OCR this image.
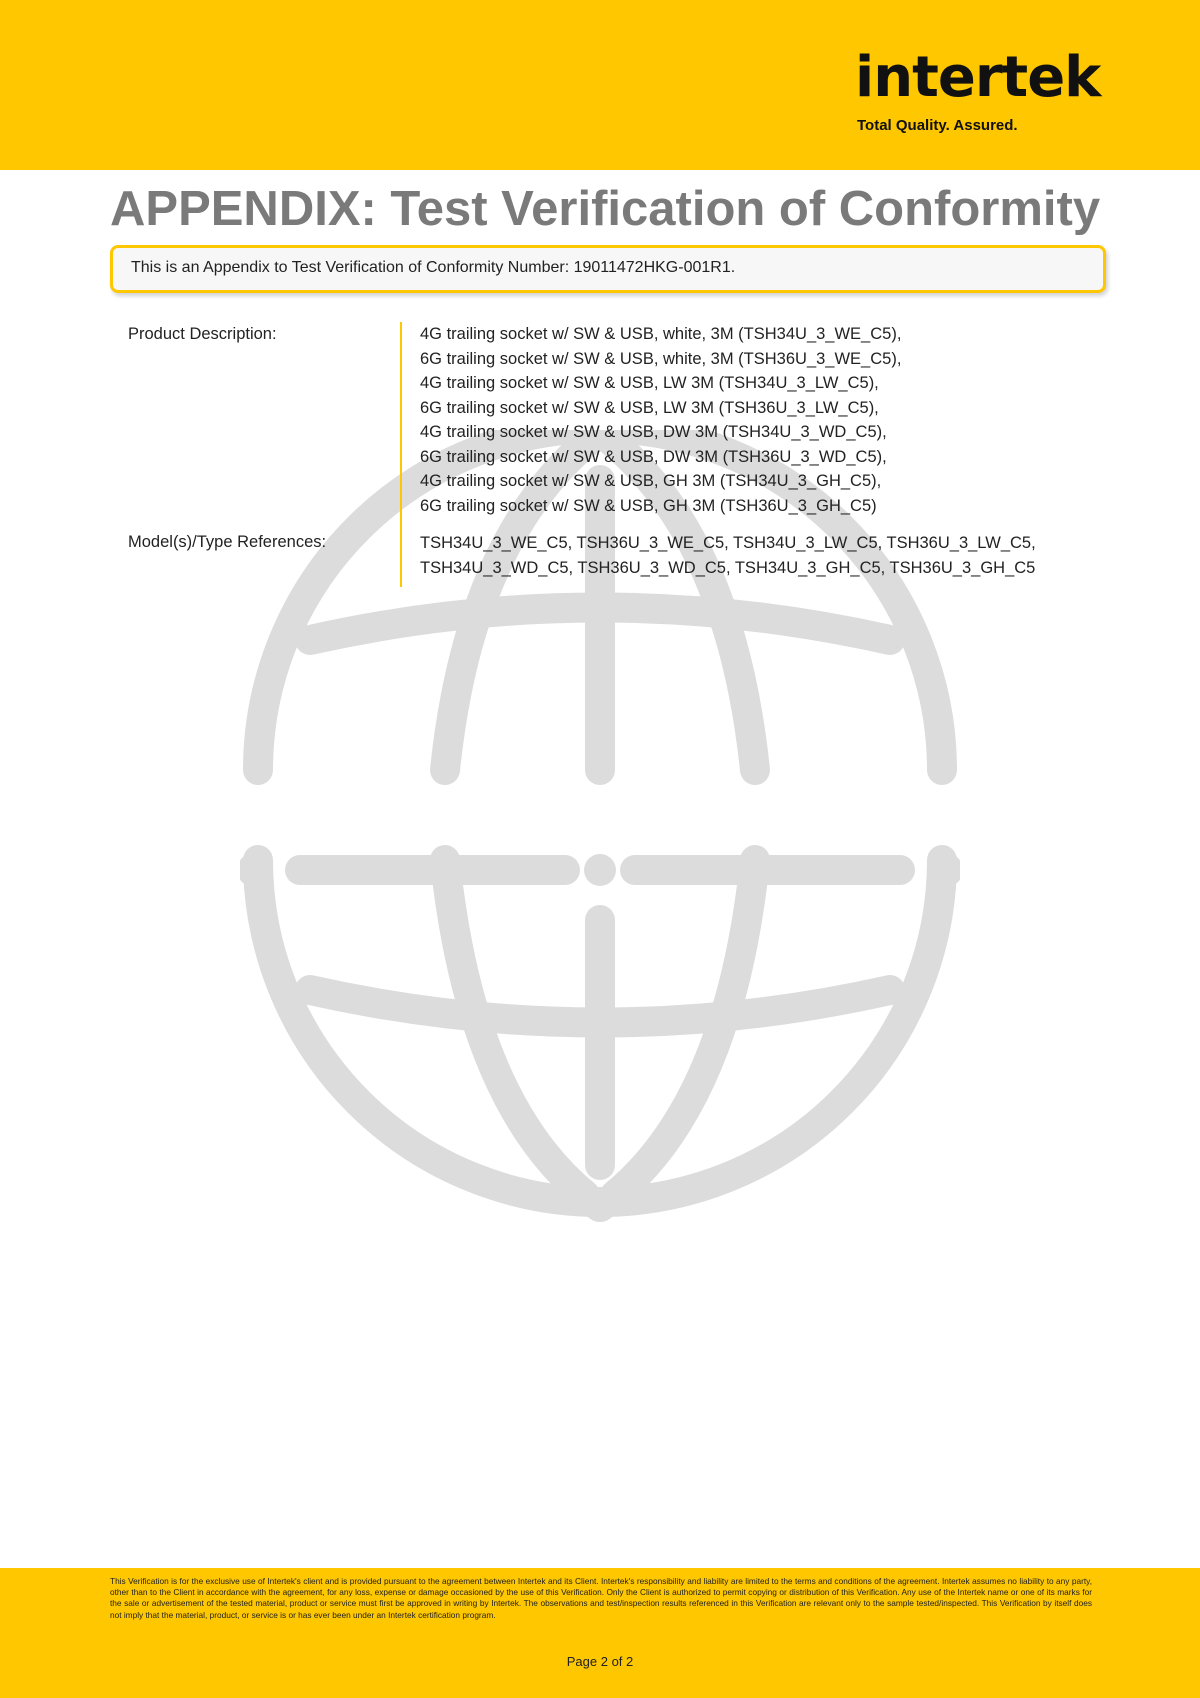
intertek
Total Quality. Assured.
APPENDIX: Test Verification of Conformity
This is an Appendix to Test Verification of Conformity Number: 19011472HKG-001R1.
Product Description:	4G trailing socket w/ SW & USB, white, 3M (TSH34U_3_WE_C5),
6G trailing socket w/ SW & USB, white, 3M (TSH36U_3_WE_C5),
4G trailing socket w/ SW & USB, LW 3M (TSH34U_3_LW_C5),
6G trailing socket w/ SW & USB, LW 3M (TSH36U_3_LW_C5),
4G trailing socket w/ SW & USB, DW 3M (TSH34U_3_WD_C5),
6G trailing socket w/ SW & USB, DW 3M (TSH36U_3_WD_C5),
4G trailing socket w/ SW & USB, GH 3M (TSH34U_3_GH_C5),
6G trailing socket w/ SW & USB, GH 3M (TSH36U_3_GH_C5)
Model(s)/Type References:	TSH34U_3_WE_C5, TSH36U_3_WE_C5, TSH34U_3_LW_C5, TSH36U_3_LW_C5,
TSH34U_3_WD_C5, TSH36U_3_WD_C5, TSH34U_3_GH_C5, TSH36U_3_GH_C5
This Verification is for the exclusive use of Intertek's client and is provided pursuant to the agreement between Intertek and its Client. Intertek's responsibility and liability are limited to the terms and conditions of the agreement. Intertek assumes no liability to any party, other than to the Client in accordance with the agreement, for any loss, expense or damage occasioned by the use of this Verification. Only the Client is authorized to permit copying or distribution of this Verification. Any use of the Intertek name or one of its marks for the sale or advertisement of the tested material, product or service must first be approved in writing by Intertek. The observations and test/inspection results referenced in this Verification are relevant only to the sample tested/inspected. This Verification by itself does not imply that the material, product, or service is or has ever been under an Intertek certification program.
Page 2 of 2
